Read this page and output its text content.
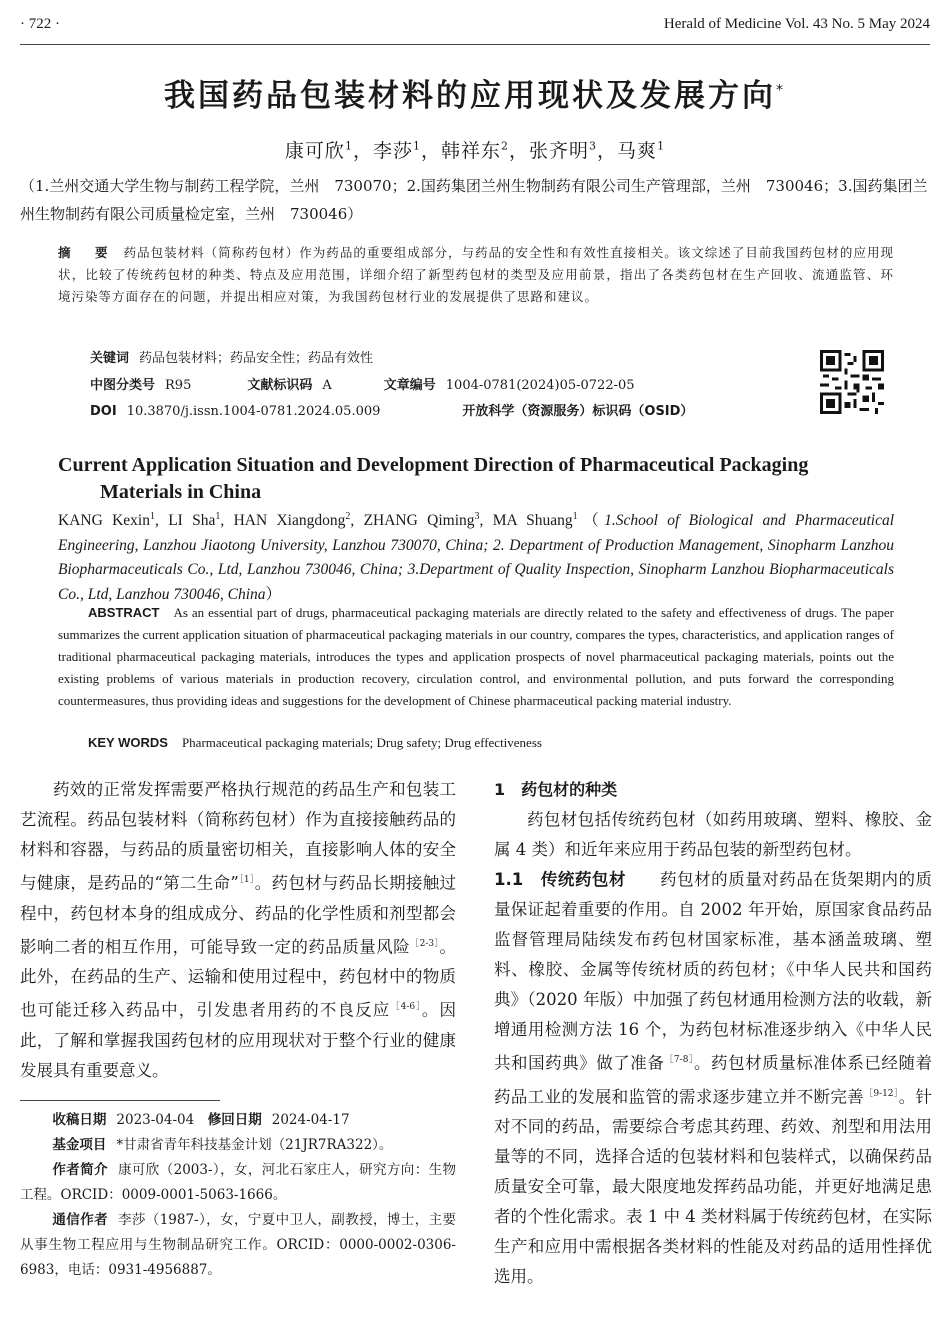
· 722 ·	Herald of Medicine Vol. 43 No. 5 May 2024
我国药品包装材料的应用现状及发展方向*
康可欣$^1$，李莎$^1$，韩祥东$^2$，张齐明$^3$，马爽$^1$
（1.兰州交通大学生物与制药工程学院，兰州　730070；2.国药集团兰州生物制药有限公司生产管理部，兰州　730046；3.国药集团兰州生物制药有限公司质量检定室，兰州　730046）
摘　要 药品包装材料（简称药包材）作为药品的重要组成部分，与药品的安全性和有效性直接相关。该文综述了目前我国药包材的应用现状，比较了传统药包材的种类、特点及应用范围，详细介绍了新型药包材的类型及应用前景，指出了各类药包材在生产回收、流通监管、环境污染等方面存在的问题，并提出相应对策，为我国药包材行业的发展提供了思路和建议。
关键词 药品包装材料；药品安全性；药品有效性
中图分类号 R95	文献标识码 A	文章编号 1004-0781(2024)05-0722-05
DOI 10.3870/j.issn.1004-0781.2024.05.009	开放科学（资源服务）标识码（OSID）
Current Application Situation and Development Direction of Pharmaceutical Packaging
Materials in China
KANG Kexin$^1$, LI Sha$^1$, HAN Xiangdong$^2$, ZHANG Qiming$^3$, MA Shuang$^1$（1.School of Biological and Pharmaceutical Engineering, Lanzhou Jiaotong University, Lanzhou 730070, China; 2. Department of Production Management, Sinopharm Lanzhou Biopharmaceuticals Co., Ltd, Lanzhou 730046, China; 3.Department of Quality Inspection, Sinopharm Lanzhou Biopharmaceuticals Co., Ltd, Lanzhou 730046, China）
ABSTRACT As an essential part of drugs, pharmaceutical packaging materials are directly related to the safety and effectiveness of drugs. The paper summarizes the current application situation of pharmaceutical packaging materials in our country, compares the types, characteristics, and application ranges of traditional pharmaceutical packaging materials, introduces the types and application prospects of novel pharmaceutical packaging materials, points out the existing problems of various materials in production recovery, circulation control, and environmental pollution, and puts forward the corresponding countermeasures, thus providing ideas and suggestions for the development of Chinese pharmaceutical packing material industry.
KEY WORDS Pharmaceutical packaging materials; Drug safety; Drug effectiveness

药效的正常发挥需要严格执行规范的药品生产和包装工艺流程。药品包装材料（简称药包材）作为直接接触药品的材料和容器，与药品的质量密切相关，直接影响人体的安全与健康，是药品的“第二生命”$^{[1]}$。药包材与药品长期接触过程中，药包材本身的组成成分、药品的化学性质和剂型都会影响二者的相互作用，可能导致一定的药品质量风险$^{[2-3]}$。此外，在药品的生产、运输和使用过程中，药包材中的物质也可能迁移入药品中，引发患者用药的不良反应$^{[4-6]}$。因此，了解和掌握我国药包材的应用现状对于整个行业的健康发展具有重要意义。

收稿日期 2023-04-04　 修回日期 2024-04-17
基金项目 *甘肃省青年科技基金计划（21JR7RA322）。
作者简介 康可欣（2003-），女，河北石家庄人，研究方向：生物工程。ORCID：0009-0001-5063-1666。
通信作者 李莎（1987-），女，宁夏中卫人，副教授，博士，主要从事生物工程应用与生物制品研究工作。ORCID：0000-0002-0306-6983，电话：0931-4956887。
1 药包材的种类

药包材包括传统药包材（如药用玻璃、塑料、橡胶、金属 4 类）和近年来应用于药品包装的新型药包材。

1.1　 传统药包材　　 药包材的质量对药品在货架期内的质量保证起着重要的作用。自 2002 年开始，原国家食品药品监督管理局陆续发布药包材国家标准，基本涵盖玻璃、塑料、橡胶、金属等传统材质的药包材；《中华人民共和国药典》（2020 年版）中加强了药包材通用检测方法的收载，新增通用检测方法 16 个，为药包材标准逐步纳入《中华人民共和国药典》做了准备$^{[7-8]}$。药包材质量标准体系已经随着药品工业的发展和监管的需求逐步建立并不断完善$^{[9-12]}$。针对不同的药品，需要综合考虑其药理、药效、剂型和用法用量等的不同，选择合适的包装材料和包装样式，以确保药品质量安全可靠，最大限度地发挥药品功能，并更好地满足患者的个性化需求。表 1 中 4 类材料属于传统药包材，在实际生产和应用中需根据各类材料的性能及对药品的适用性择优选用。
